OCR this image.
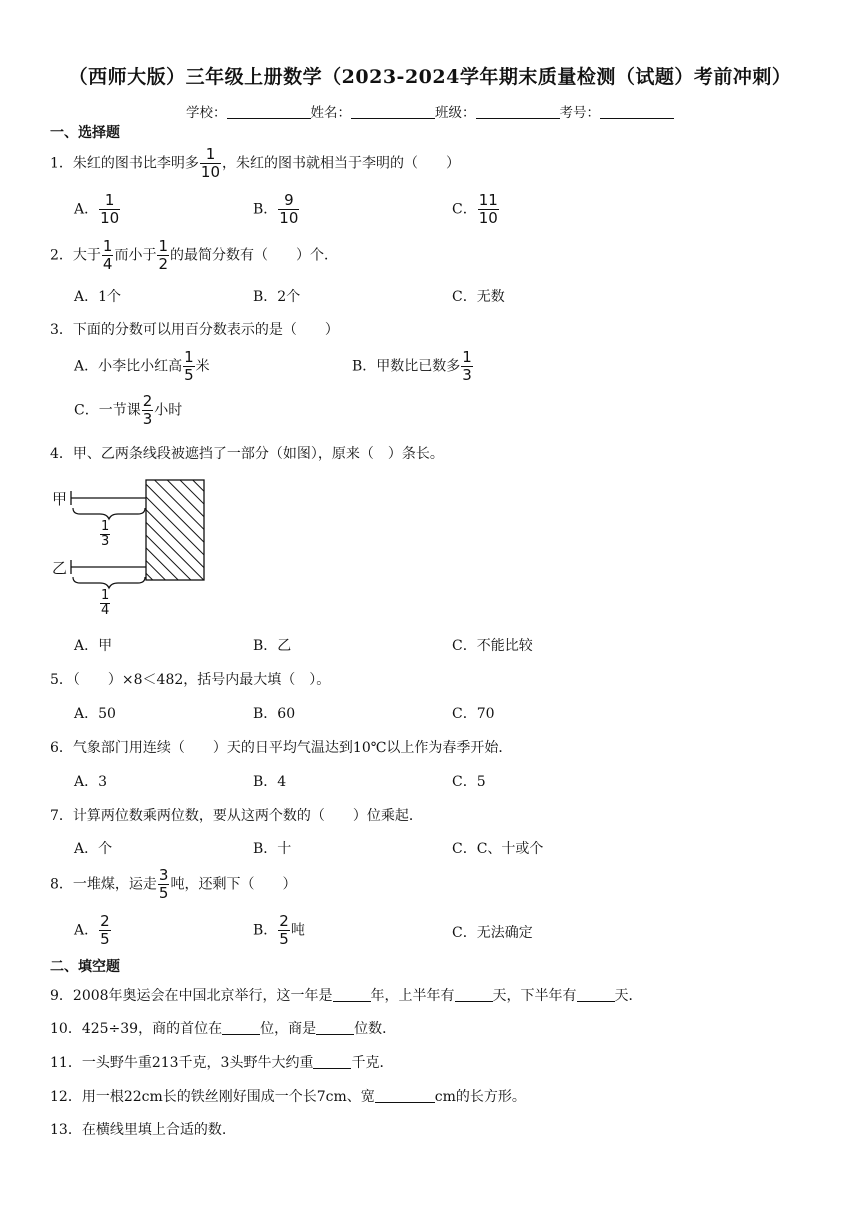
（西师大版）三年级上册数学（2023-2024学年期末质量检测（试题）考前冲刺）
学校：	姓名：	班级：	考号：
一、选择题
1．朱红的图书比李明多 $\frac{1}{10}$ ，朱红的图书就相当于李明的（　　）
A． $\frac{1}{10}$	B． $\frac{9}{10}$	C． $\frac{11}{10}$
2．大于 $\frac{1}{4}$ 而小于 $\frac{1}{2}$ 的最简分数有（　　）个．
A．1个	B．2个	C．无数
3．下面的分数可以用百分数表示的是（　　）
A．小李比小红高 $\frac{1}{5}$ 米	B．甲数比已数多 $\frac{1}{3}$
C．一节课 $\frac{2}{3}$ 小时
4．甲、乙两条线段被遮挡了一部分（如图），原来（　）条长。
甲
乙
$\frac{1}{3}$
$\frac{1}{4}$
A．甲	B．乙	C．不能比较
5．（　　）×8＜482，括号内最大填（　）。
A．50	B．60	C．70
6．气象部门用连续（　　）天的日平均气温达到10℃以上作为春季开始．
A．3	B．4	C．5
7．计算两位数乘两位数，要从这两个数的（　　）位乘起．
A．个	B．十	C．C、十或个
8．一堆煤，运走 $\frac{3}{5}$ 吨，还剩下（　　）
A． $\frac{2}{5}$	B． $\frac{2}{5}$ 吨	C．无法确定
二、填空题
9．2008年奥运会在中国北京举行，这一年是	年，上半年有	天，下半年有	天．
10．425÷39，商的首位在	位，商是	位数．
11．一头野牛重213千克，3头野牛大约重	千克．
12．用一根22cm长的铁丝刚好围成一个长7cm、宽	cm的长方形。
13．在横线里填上合适的数.
